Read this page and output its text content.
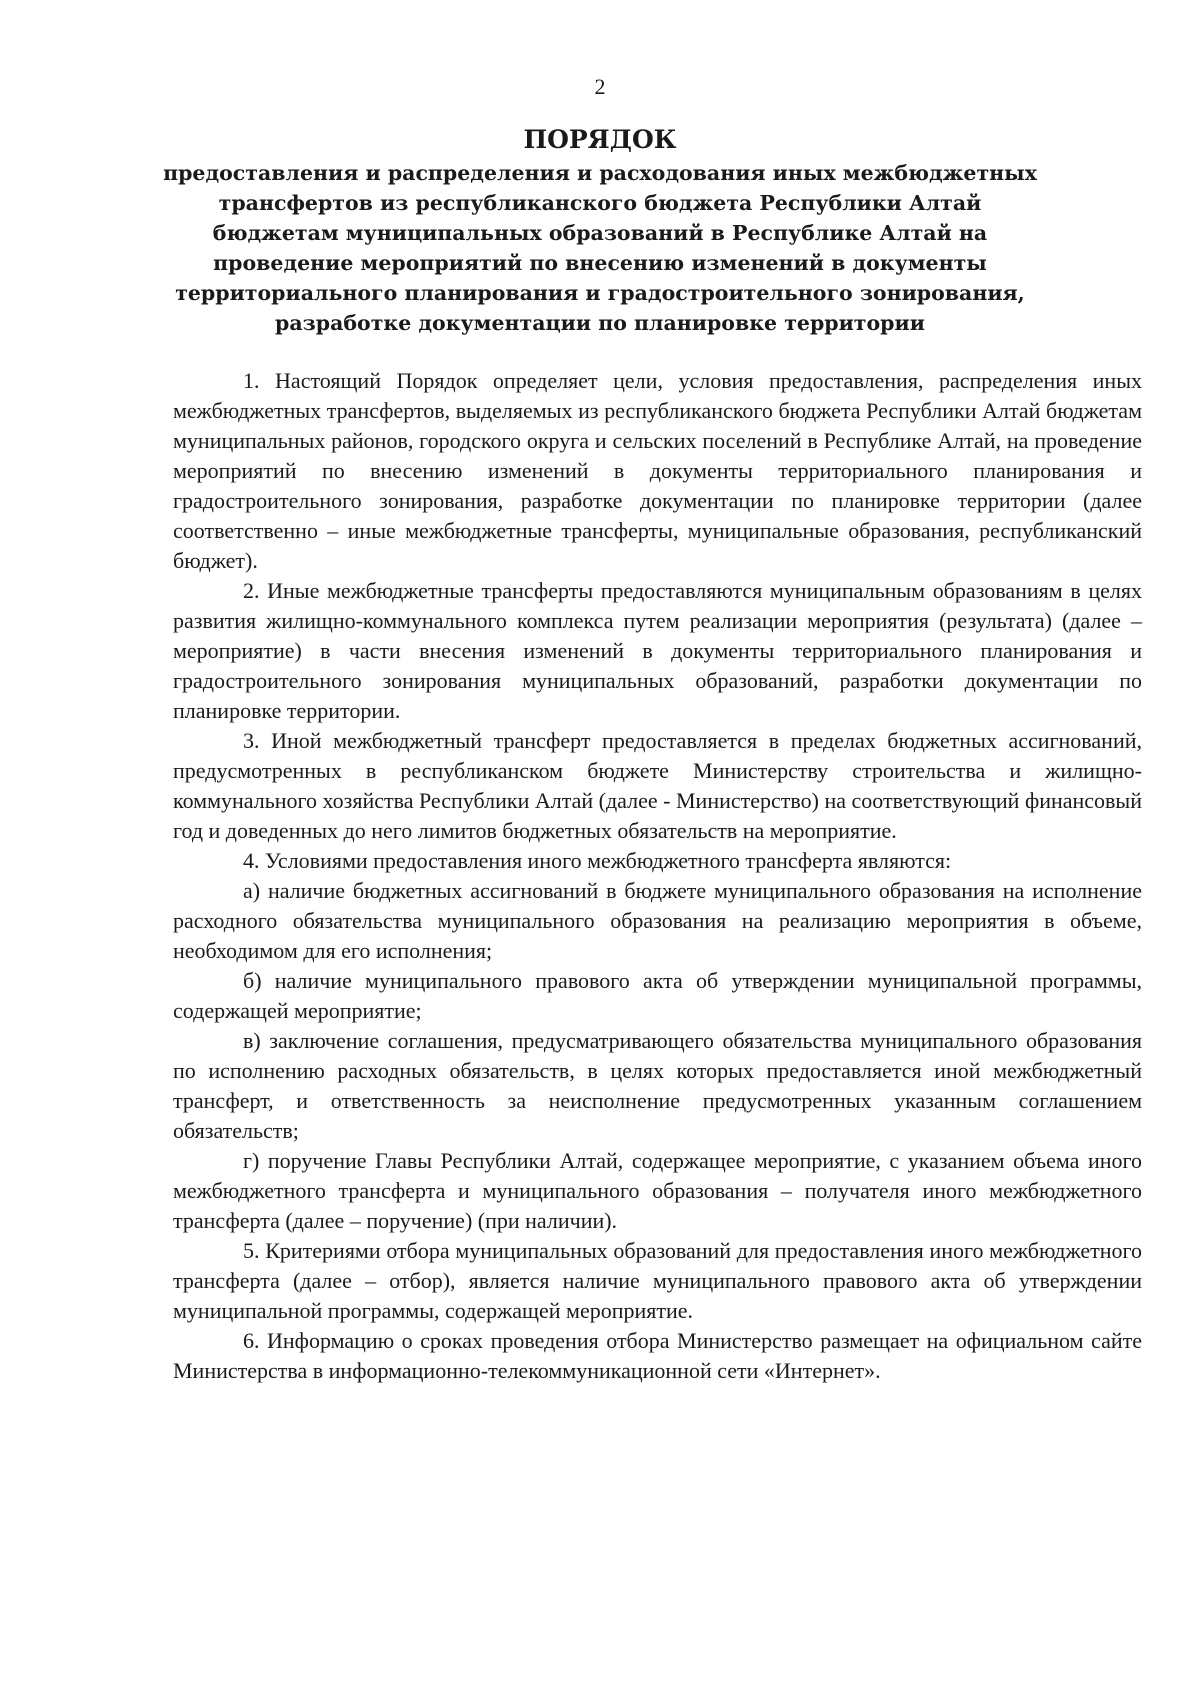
2
ПОРЯДОК
предоставления и распределения и расходования иных межбюджетных трансфертов из республиканского бюджета Республики Алтай бюджетам муниципальных образований в Республике Алтай на проведение мероприятий по внесению изменений в документы территориального планирования и градостроительного зонирования, разработке документации по планировке территории

1. Настоящий Порядок определяет цели, условия предоставления, распределения иных межбюджетных трансфертов, выделяемых из республиканского бюджета Республики Алтай бюджетам муниципальных районов, городского округа и сельских поселений в Республике Алтай, на проведение мероприятий по внесению изменений в документы территориального планирования и градостроительного зонирования, разработке документации по планировке территории (далее соответственно – иные межбюджетные трансферты, муниципальные образования, республиканский бюджет).

2. Иные межбюджетные трансферты предоставляются муниципальным образованиям в целях развития жилищно-коммунального комплекса путем реализации мероприятия (результата) (далее – мероприятие) в части внесения изменений в документы территориального планирования и градостроительного зонирования муниципальных образований, разработки документации по планировке территории.

3. Иной межбюджетный трансферт предоставляется в пределах бюджетных ассигнований, предусмотренных в республиканском бюджете Министерству строительства и жилищно-коммунального хозяйства Республики Алтай (далее - Министерство) на соответствующий финансовый год и доведенных до него лимитов бюджетных обязательств на мероприятие.

4. Условиями предоставления иного межбюджетного трансферта являются:

а) наличие бюджетных ассигнований в бюджете муниципального образования на исполнение расходного обязательства муниципального образования на реализацию мероприятия в объеме, необходимом для его исполнения;

б) наличие муниципального правового акта об утверждении муниципальной программы, содержащей мероприятие;

в) заключение соглашения, предусматривающего обязательства муниципального образования по исполнению расходных обязательств, в целях которых предоставляется иной межбюджетный трансферт, и ответственность за неисполнение предусмотренных указанным соглашением обязательств;

г) поручение Главы Республики Алтай, содержащее мероприятие, с указанием объема иного межбюджетного трансферта и муниципального образования – получателя иного межбюджетного трансферта (далее – поручение) (при наличии).

5. Критериями отбора муниципальных образований для предоставления иного межбюджетного трансферта (далее – отбор), является наличие муниципального правового акта об утверждении муниципальной программы, содержащей мероприятие.

6. Информацию о сроках проведения отбора Министерство размещает на официальном сайте Министерства в информационно-телекоммуникационной сети «Интернет».
